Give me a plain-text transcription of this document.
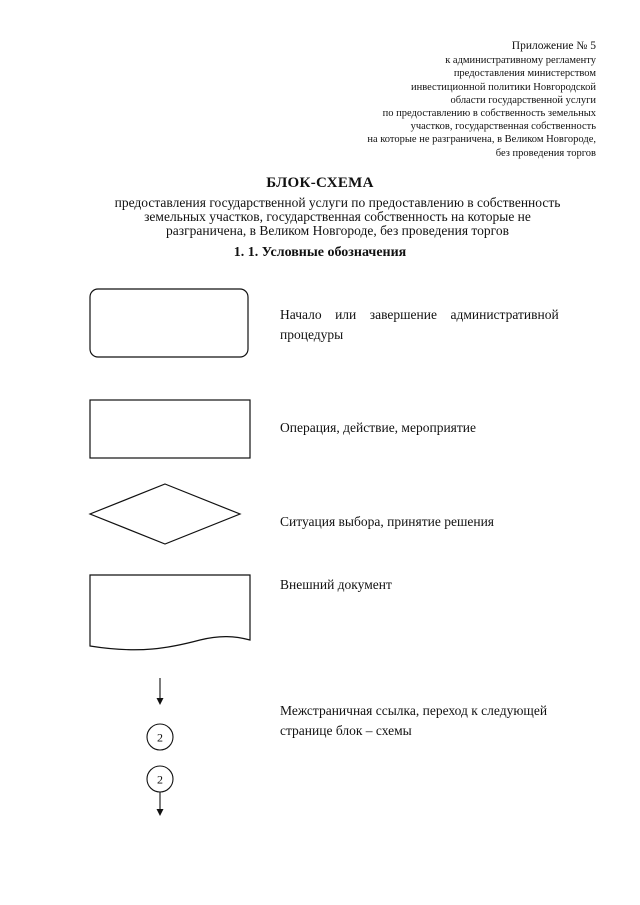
Приложение № 5
к административному регламенту
предоставления министерством
инвестиционной политики Новгородской
области государственной услуги
по предоставлению в собственность земельных
участков, государственная собственность
на которые не разграничена, в Великом Новгороде,
без проведения торгов
БЛОК-СХЕМА
предоставления государственной услуги по предоставлению в собственность
земельных участков, государственная собственность на которые не
разграничена, в Великом Новгороде, без проведения торгов
1. 1. Условные обозначения
2
2
Начало    или    завершение    административной
процедуры
Операция, действие, мероприятие
Ситуация выбора, принятие решения
Внешний документ
Межстраничная ссылка, переход к следующей
странице блок – схемы
